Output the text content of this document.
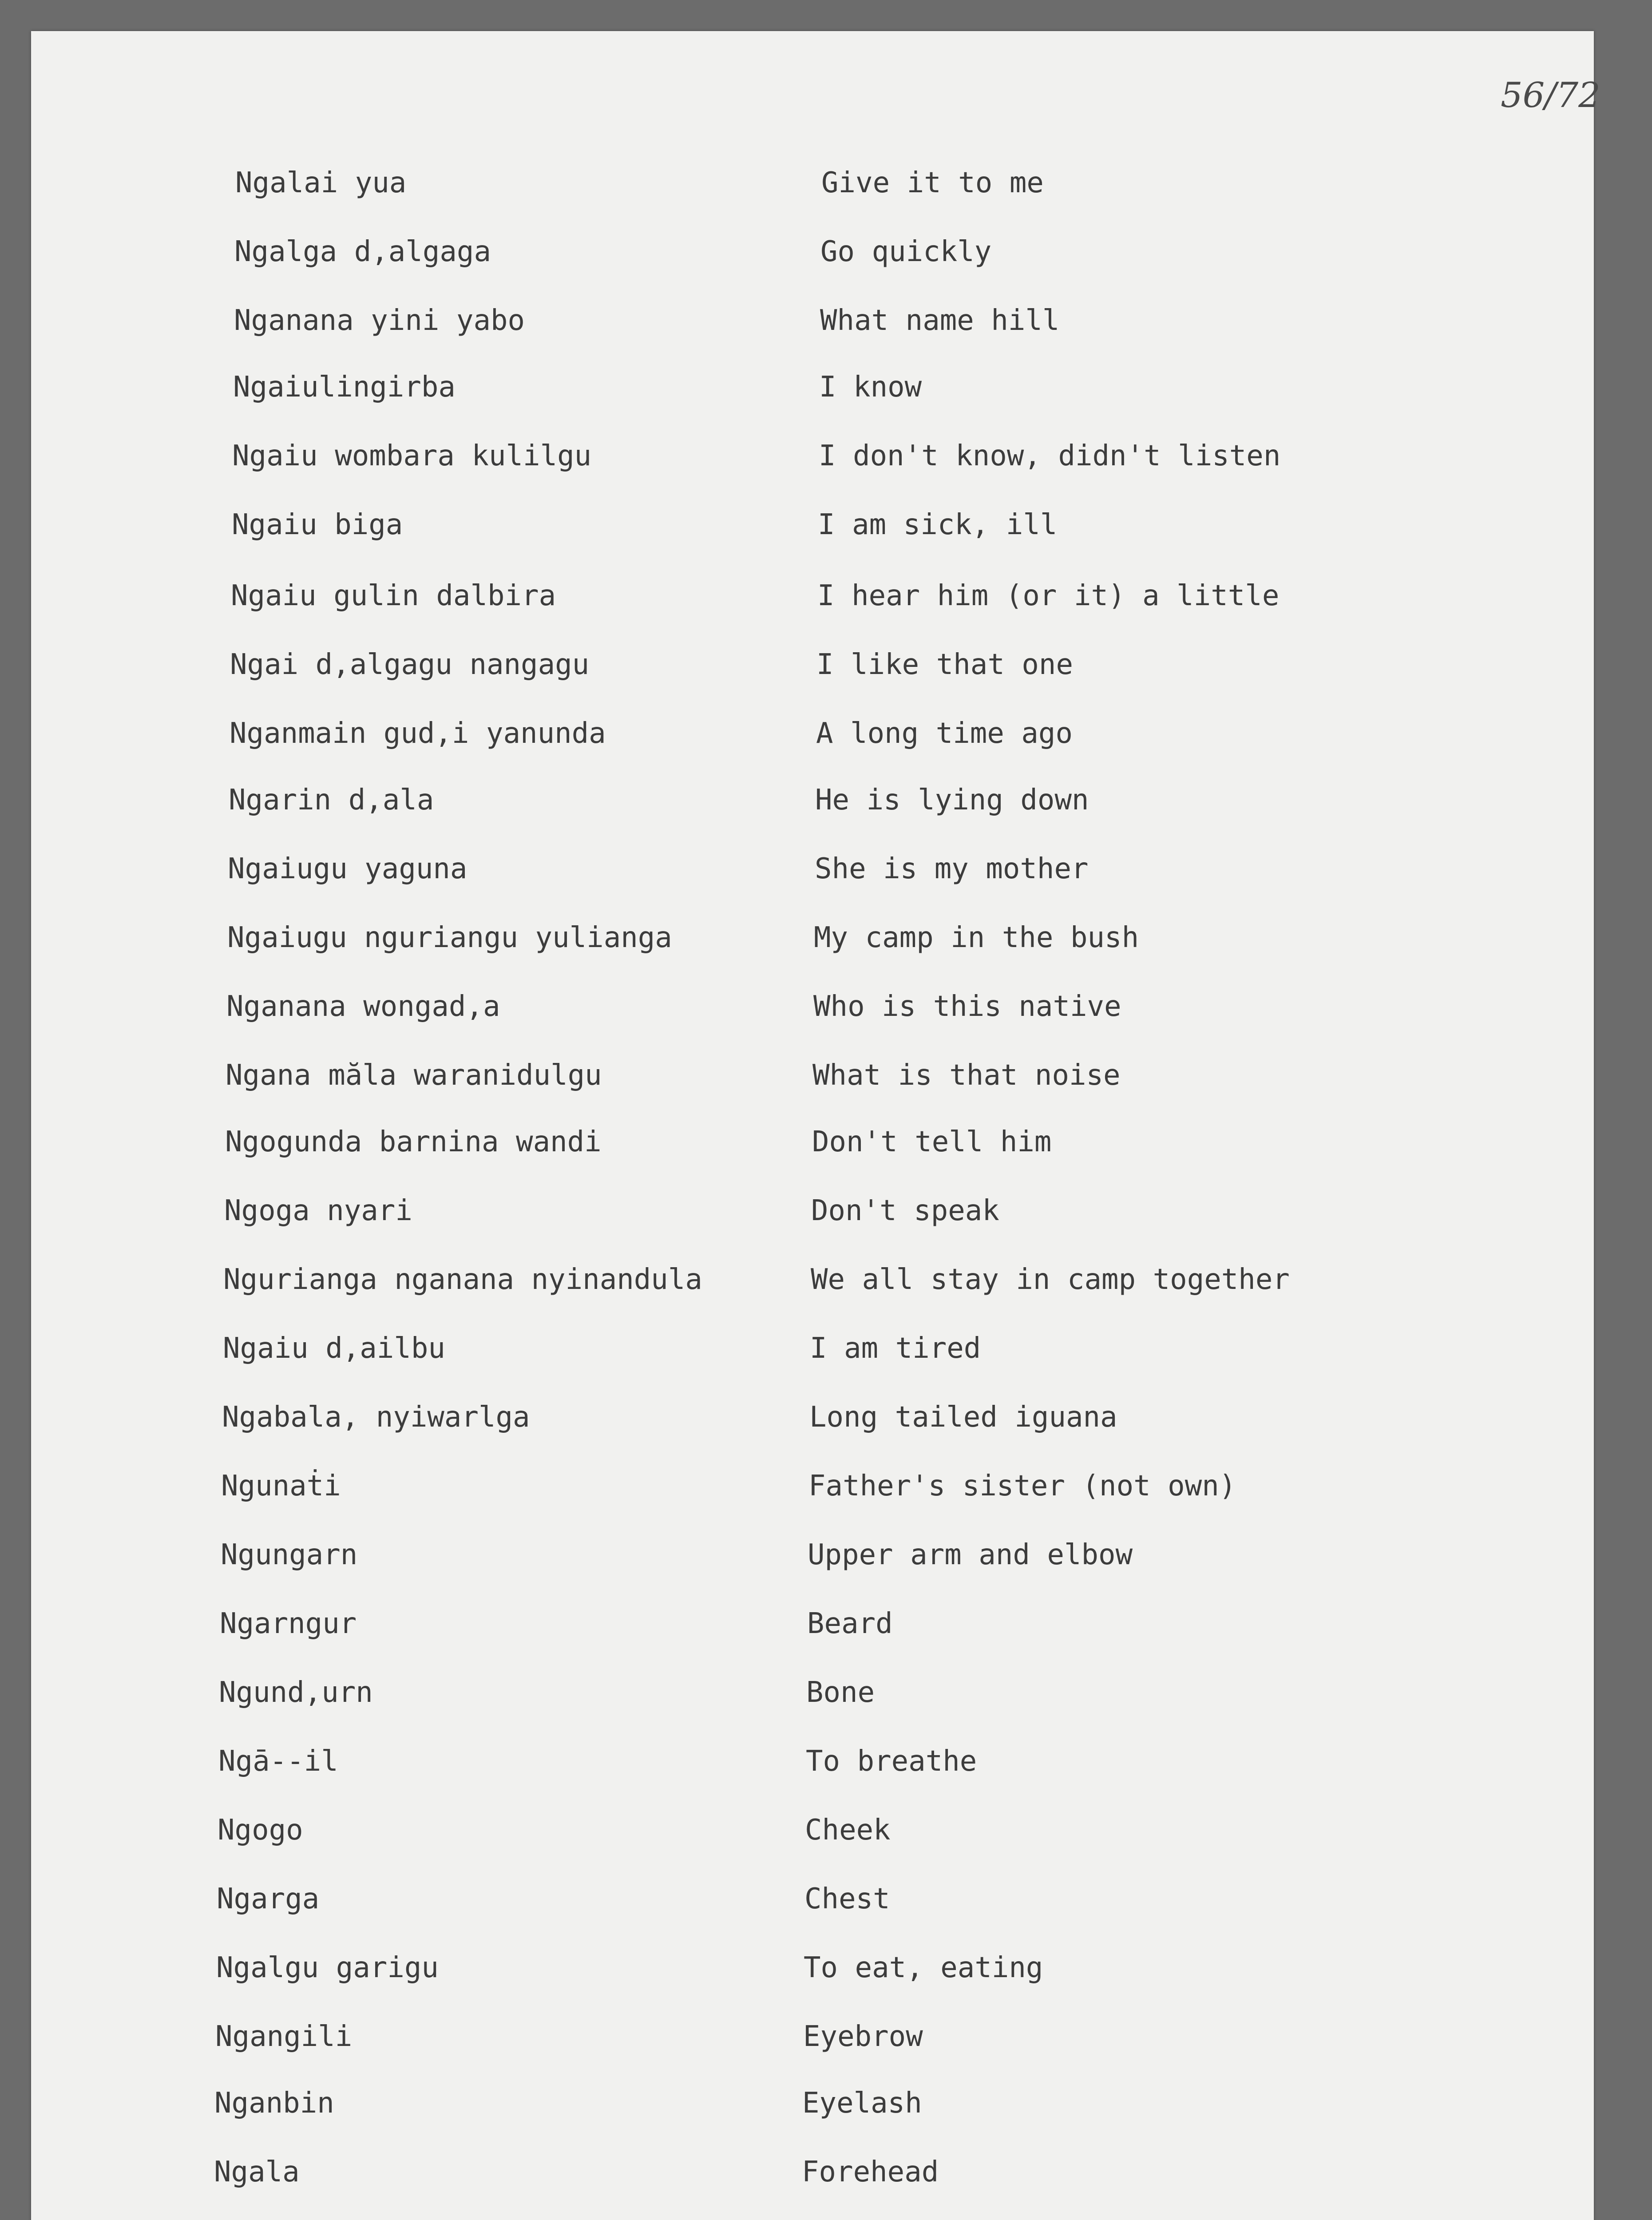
56/72
Ngalai yua	Give it to me
Ngalga d,algaga	Go quickly
Nganana yini yabo	What name hill
Ngaiulingirba	I know
Ngaiu wombara kulilgu	I don't know, didn't listen
Ngaiu biga	I am sick, ill
Ngaiu gulin dalbira	I hear him (or it) a little
Ngai d,algagu nangagu	I like that one
Nganmain gud,i yanunda	A long time ago
Ngarin d,ala	He is lying down
Ngaiugu yaguna	She is my mother
Ngaiugu nguriangu yulianga	My camp in the bush
Nganana wongad,a	Who is this native
Ngana măla waranidulgu	What is that noise
Ngogunda barnina wandi	Don't tell him
Ngoga nyari	Don't speak
Ngurianga nganana nyinandula	We all stay in camp together
Ngaiu d,ailbu	I am tired
Ngabala, nyiwarlga	Long tailed iguana
Ngunaṫi	Father's sister (not own)
Ngungarn	Upper arm and elbow
Ngarngur	Beard
Ngund,urn	Bone
Ngā--il	To breathe
Ngogo	Cheek
Ngarga	Chest
Ngalgu garigu	To eat, eating
Ngangili	Eyebrow
Nganbin	Eyelash
Ngala	Forehead
